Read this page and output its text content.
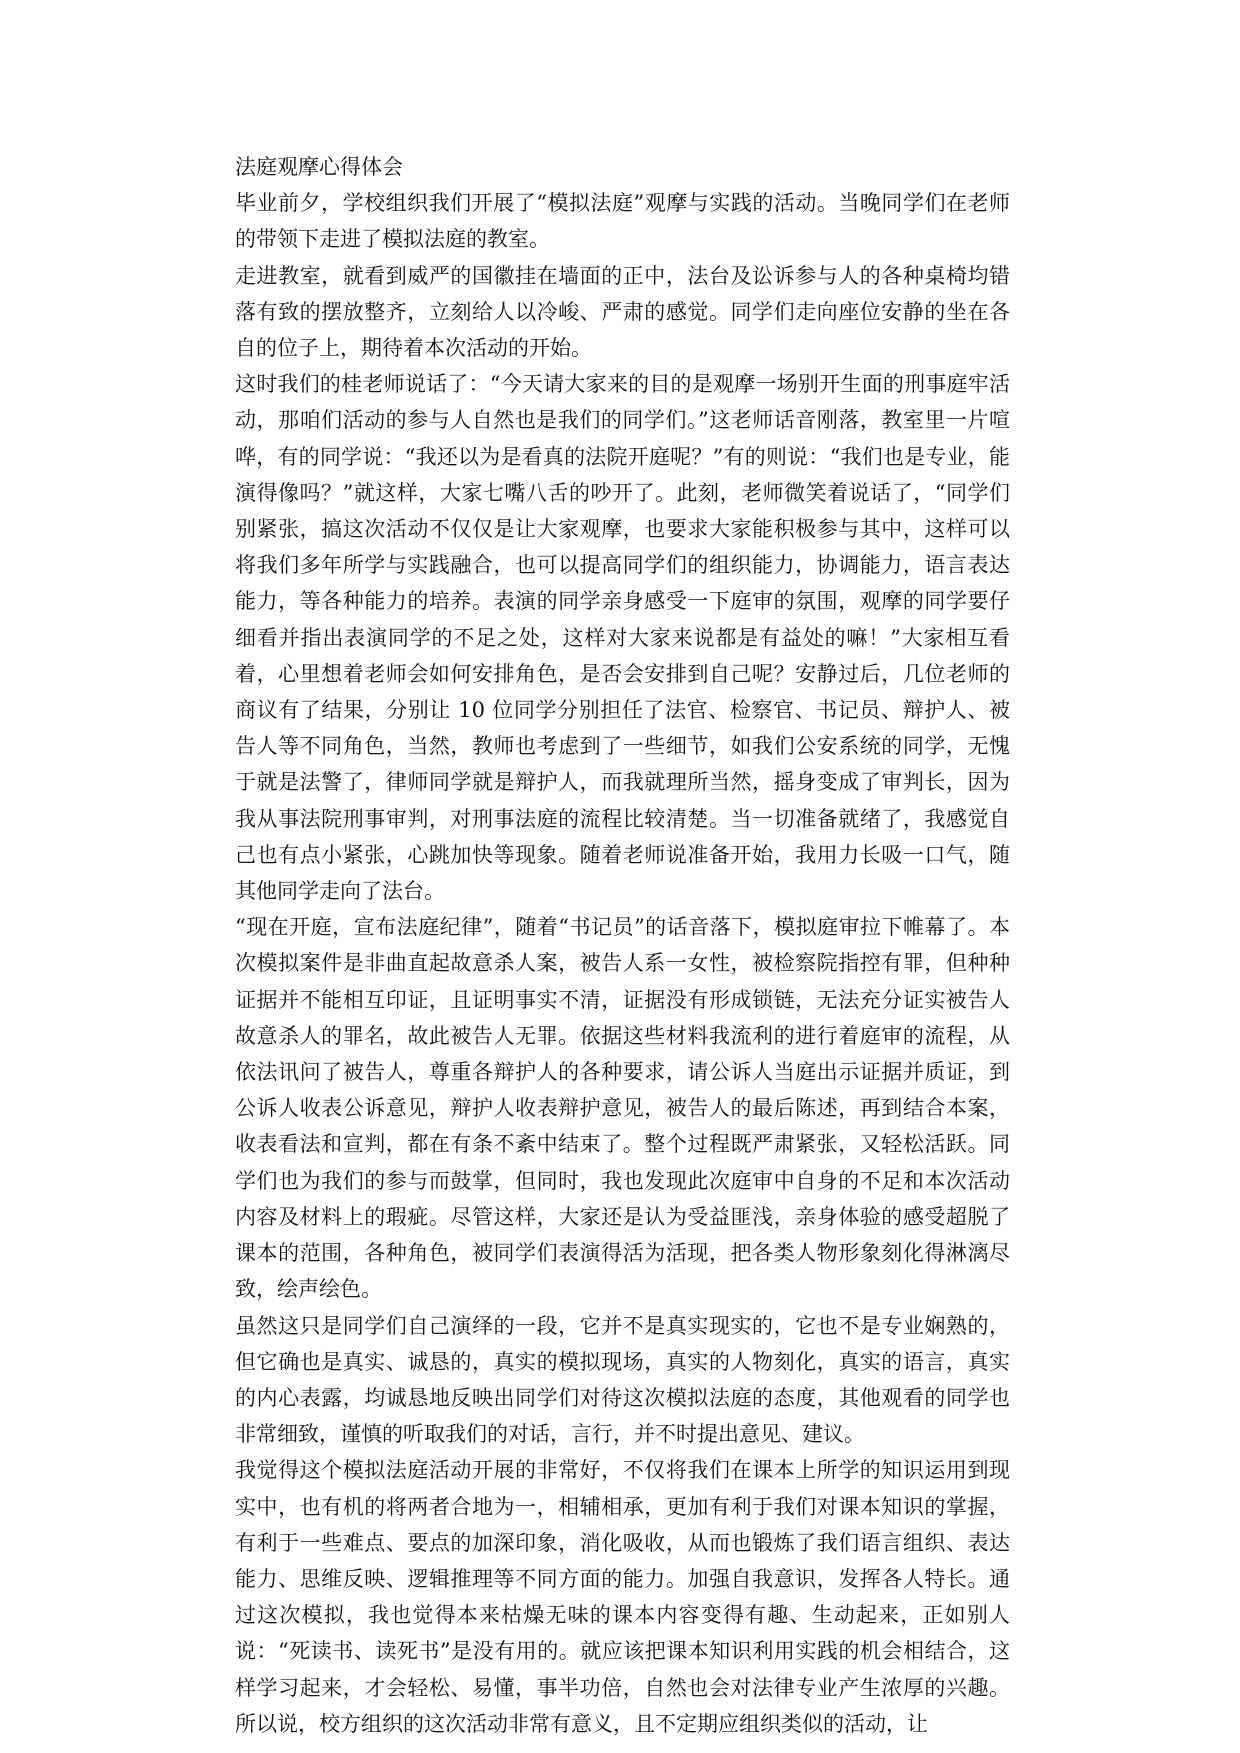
法庭观摩心得体会

毕业前夕，学校组织我们开展了“模拟法庭”观摩与实践的活动。当晚同学们在老师的带领下走进了模拟法庭的教室。

走进教室，就看到威严的国徽挂在墙面的正中，法台及讼诉参与人的各种桌椅均错落有致的摆放整齐，立刻给人以冷峻、严肃的感觉。同学们走向座位安静的坐在各自的位子上，期待着本次活动的开始。

这时我们的桂老师说话了：“今天请大家来的目的是观摩一场别开生面的刑事庭牢活动，那咱们活动的参与人自然也是我们的同学们。”这老师话音刚落，教室里一片喧哗，有的同学说：“我还以为是看真的法院开庭呢？”有的则说：“我们也是专业，能演得像吗？”就这样，大家七嘴八舌的吵开了。此刻，老师微笑着说话了，“同学们别紧张，搞这次活动不仅仅是让大家观摩，也要求大家能积极参与其中，这样可以将我们多年所学与实践融合，也可以提高同学们的组织能力，协调能力，语言表达能力，等各种能力的培养。表演的同学亲身感受一下庭审的氛围，观摩的同学要仔细看并指出表演同学的不足之处，这样对大家来说都是有益处的嘛！”大家相互看着，心里想着老师会如何安排角色，是否会安排到自己呢？安静过后，几位老师的商议有了结果，分别让 10 位同学分别担任了法官、检察官、书记员、辩护人、被告人等不同角色，当然，教师也考虑到了一些细节，如我们公安系统的同学，无愧于就是法警了，律师同学就是辩护人，而我就理所当然，摇身变成了审判长，因为我从事法院刑事审判，对刑事法庭的流程比较清楚。当一切准备就绪了，我感觉自己也有点小紧张，心跳加快等现象。随着老师说准备开始，我用力长吸一口气，随其他同学走向了法台。

“现在开庭，宣布法庭纪律”，随着“书记员”的话音落下，模拟庭审拉下帷幕了。本次模拟案件是非曲直起故意杀人案，被告人系一女性，被检察院指控有罪，但种种证据并不能相互印证，且证明事实不清，证据没有形成锁链，无法充分证实被告人故意杀人的罪名，故此被告人无罪。依据这些材料我流利的进行着庭审的流程，从依法讯问了被告人，尊重各辩护人的各种要求，请公诉人当庭出示证据并质证，到公诉人收表公诉意见，辩护人收表辩护意见，被告人的最后陈述，再到结合本案，收表看法和宣判，都在有条不紊中结束了。整个过程既严肃紧张，又轻松活跃。同学们也为我们的参与而鼓掌，但同时，我也发现此次庭审中自身的不足和本次活动内容及材料上的瑕疵。尽管这样，大家还是认为受益匪浅，亲身体验的感受超脱了课本的范围，各种角色，被同学们表演得活为活现，把各类人物形象刻化得淋漓尽致，绘声绘色。

虽然这只是同学们自己演绎的一段，它并不是真实现实的，它也不是专业娴熟的，但它确也是真实、诚恳的，真实的模拟现场，真实的人物刻化，真实的语言，真实的内心表露，均诚恳地反映出同学们对待这次模拟法庭的态度，其他观看的同学也非常细致，谨慎的听取我们的对话，言行，并不时提出意见、建议。

我觉得这个模拟法庭活动开展的非常好，不仅将我们在课本上所学的知识运用到现实中，也有机的将两者合地为一，相辅相承，更加有利于我们对课本知识的掌握，有利于一些难点、要点的加深印象，消化吸收，从而也锻炼了我们语言组织、表达能力、思维反映、逻辑推理等不同方面的能力。加强自我意识，发挥各人特长。通过这次模拟，我也觉得本来枯燥无味的课本内容变得有趣、生动起来，正如别人说：“死读书、读死书”是没有用的。就应该把课本知识利用实践的机会相结合，这样学习起来，才会轻松、易懂，事半功倍，自然也会对法律专业产生浓厚的兴趣。所以说，校方组织的这次活动非常有意义，且不定期应组织类似的活动，让
